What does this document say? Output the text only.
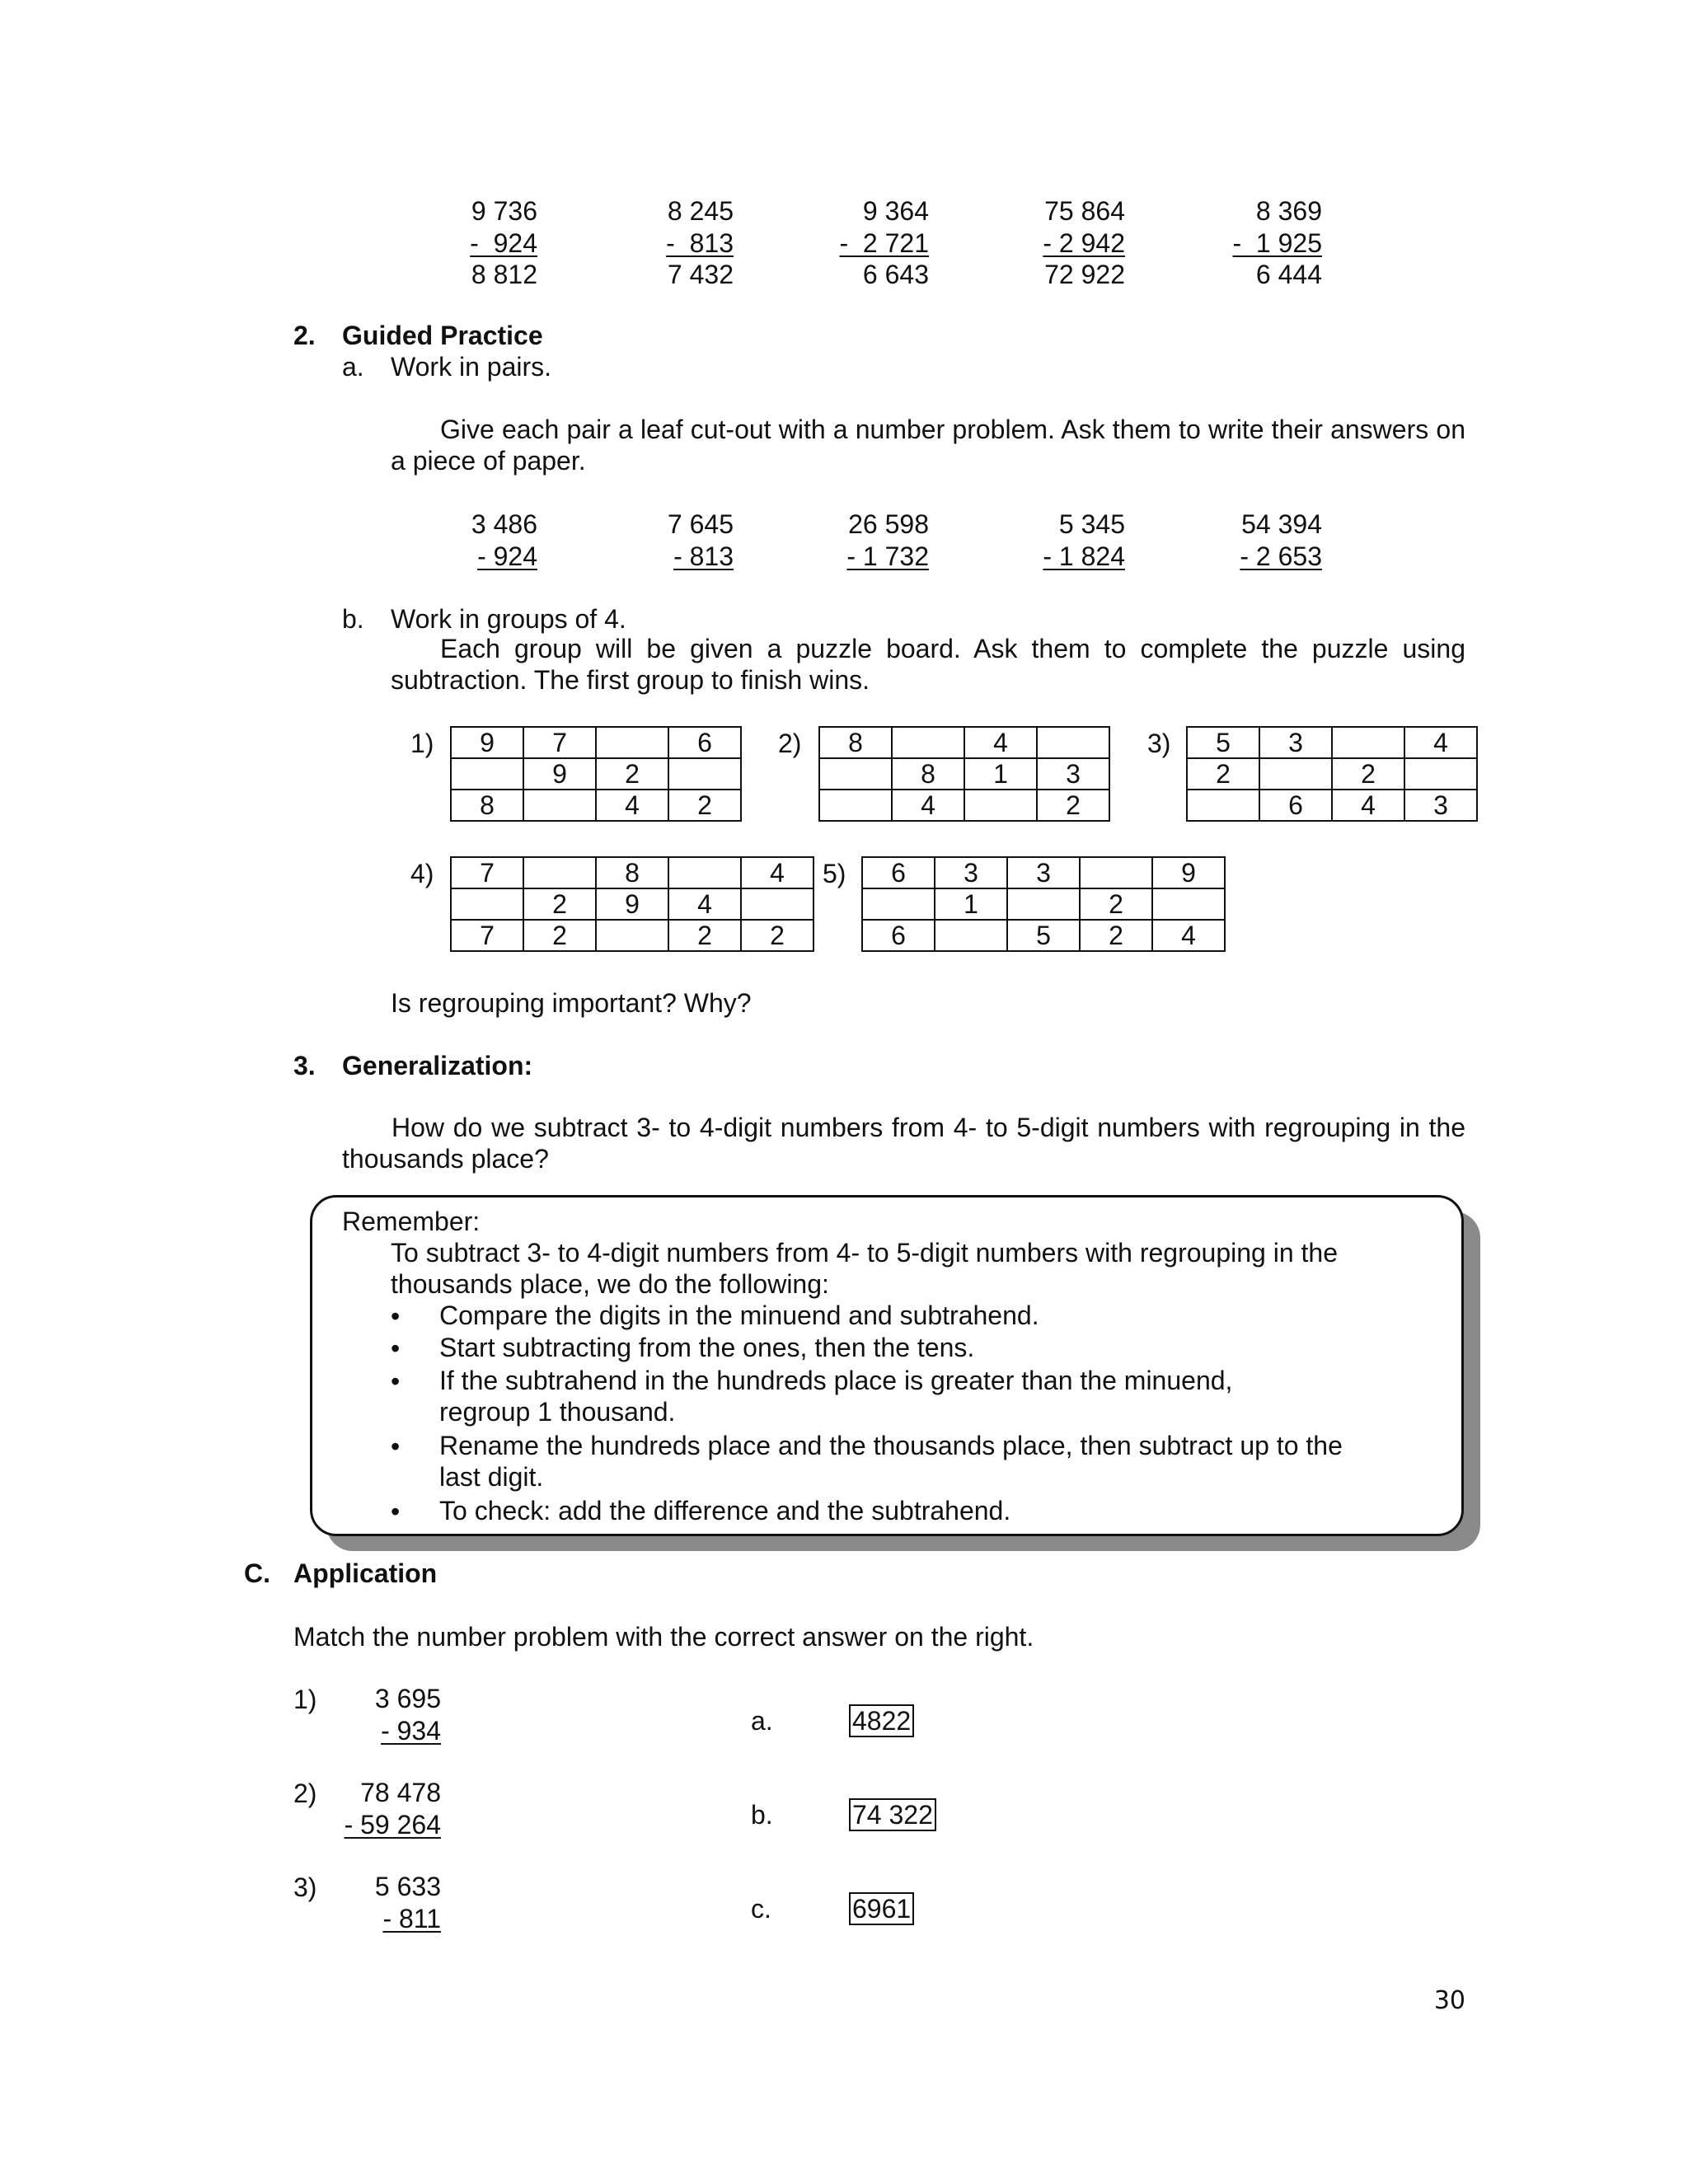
9 736
-  924
8 812
8 245
-  813
7 432
9 364
-  2 721
6 643
75 864
- 2 942
72 922
8 369
-  1 925
6 444
2. Guided Practice
a. Work in pairs.
Give each pair a leaf cut-out with a number problem. Ask them to write their answers on a piece of paper.
3 486
- 924
7 645
- 813
26 598
- 1 732
5 345
- 1 824
54 394
- 2 653
b. Work in groups of 4.
Each group will be given a puzzle board. Ask them to complete the puzzle using subtraction. The first group to finish wins.
1) 9	7		6
	9	2	
8		4	2
2) 8		4	
	8	1	3
	4		2
3) 5	3		4
2		2	
	6	4	3
4) 7		8		4
	2	9	4	
7	2		2	2
5) 6	3	3		9
	1		2	
6		5	2	4
Is regrouping important? Why?
3. Generalization:
How do we subtract 3- to 4-digit numbers from 4- to 5-digit numbers with regrouping in the thousands place?
Remember:
To subtract 3- to 4-digit numbers from 4- to 5-digit numbers with regrouping in the thousands place, we do the following:
• Compare the digits in the minuend and subtrahend.
• Start subtracting from the ones, then the tens.
• If the subtrahend in the hundreds place is greater than the minuend, regroup 1 thousand.
• Rename the hundreds place and the thousands place, then subtract up to the last digit.
• To check: add the difference and the subtrahend.
C. Application
Match the number problem with the correct answer on the right.
1)	3 695
- 934
2)	78 478
- 59 264
3)	5 633
- 811
a.	4822
b.	74 322
c.	6961
30
